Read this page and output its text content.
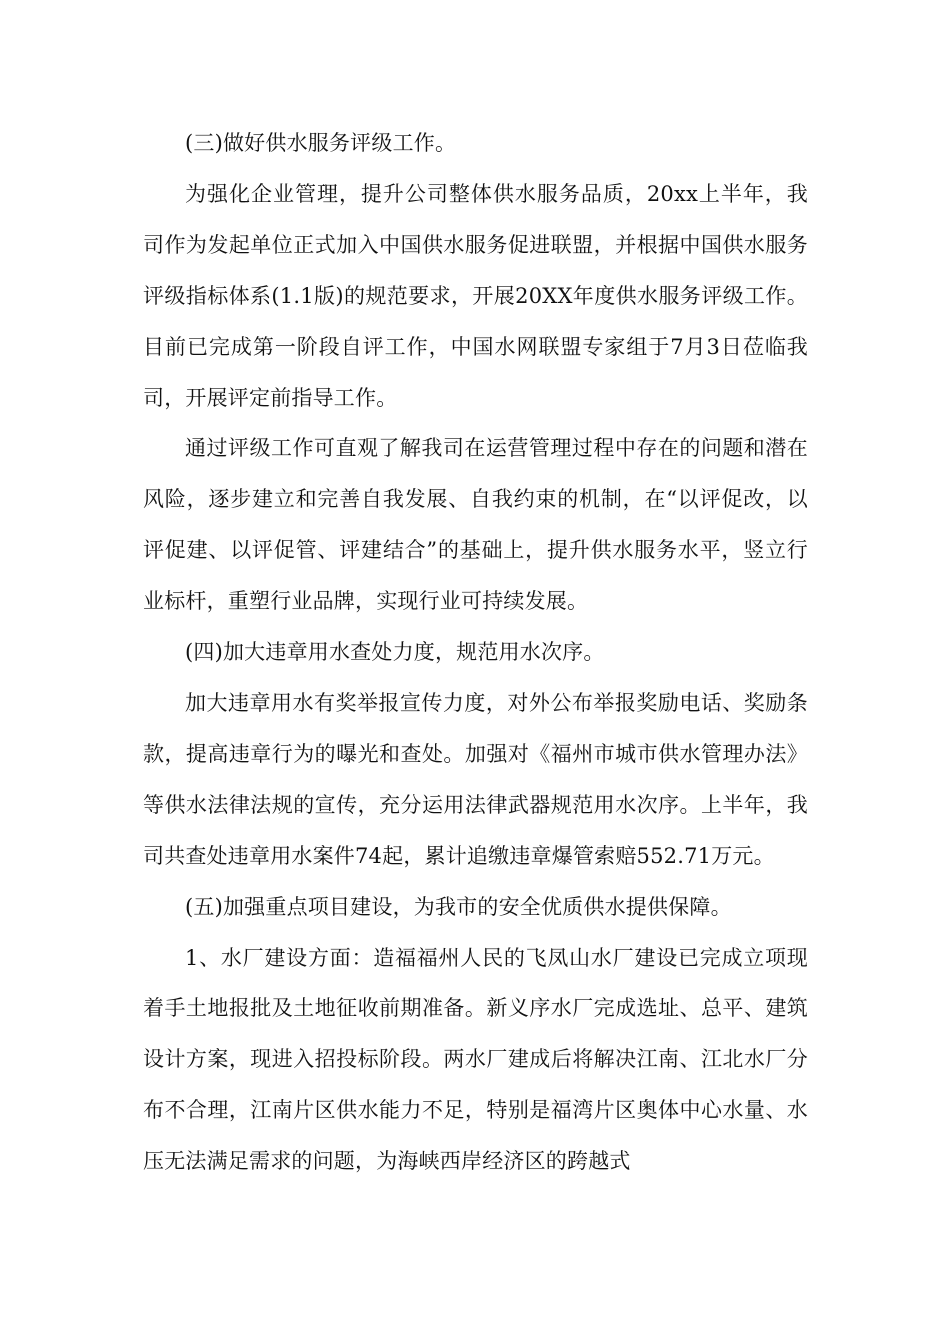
(三)做好供水服务评级工作。

为强化企业管理，提升公司整体供水服务品质，20xx上半年，我司作为发起单位正式加入中国供水服务促进联盟，并根据中国供水服务评级指标体系(1.1版)的规范要求，开展20XX年度供水服务评级工作。目前已完成第一阶段自评工作，中国水网联盟专家组于7月3日莅临我司，开展评定前指导工作。

通过评级工作可直观了解我司在运营管理过程中存在的问题和潜在风险，逐步建立和完善自我发展、自我约束的机制，在“以评促改，以评促建、以评促管、评建结合”的基础上，提升供水服务水平，竖立行业标杆，重塑行业品牌，实现行业可持续发展。

(四)加大违章用水查处力度，规范用水次序。

加大违章用水有奖举报宣传力度，对外公布举报奖励电话、奖励条款，提高违章行为的曝光和查处。加强对《福州市城市供水管理办法》等供水法律法规的宣传，充分运用法律武器规范用水次序。上半年，我司共查处违章用水案件74起，累计追缴违章爆管索赔552.71万元。

(五)加强重点项目建设，为我市的安全优质供水提供保障。

1、水厂建设方面：造福福州人民的飞凤山水厂建设已完成立项现着手土地报批及土地征收前期准备。新义序水厂完成选址、总平、建筑设计方案，现进入招投标阶段。两水厂建成后将解决江南、江北水厂分布不合理，江南片区供水能力不足，特别是福湾片区奥体中心水量、水压无法满足需求的问题，为海峡西岸经济区的跨越式
